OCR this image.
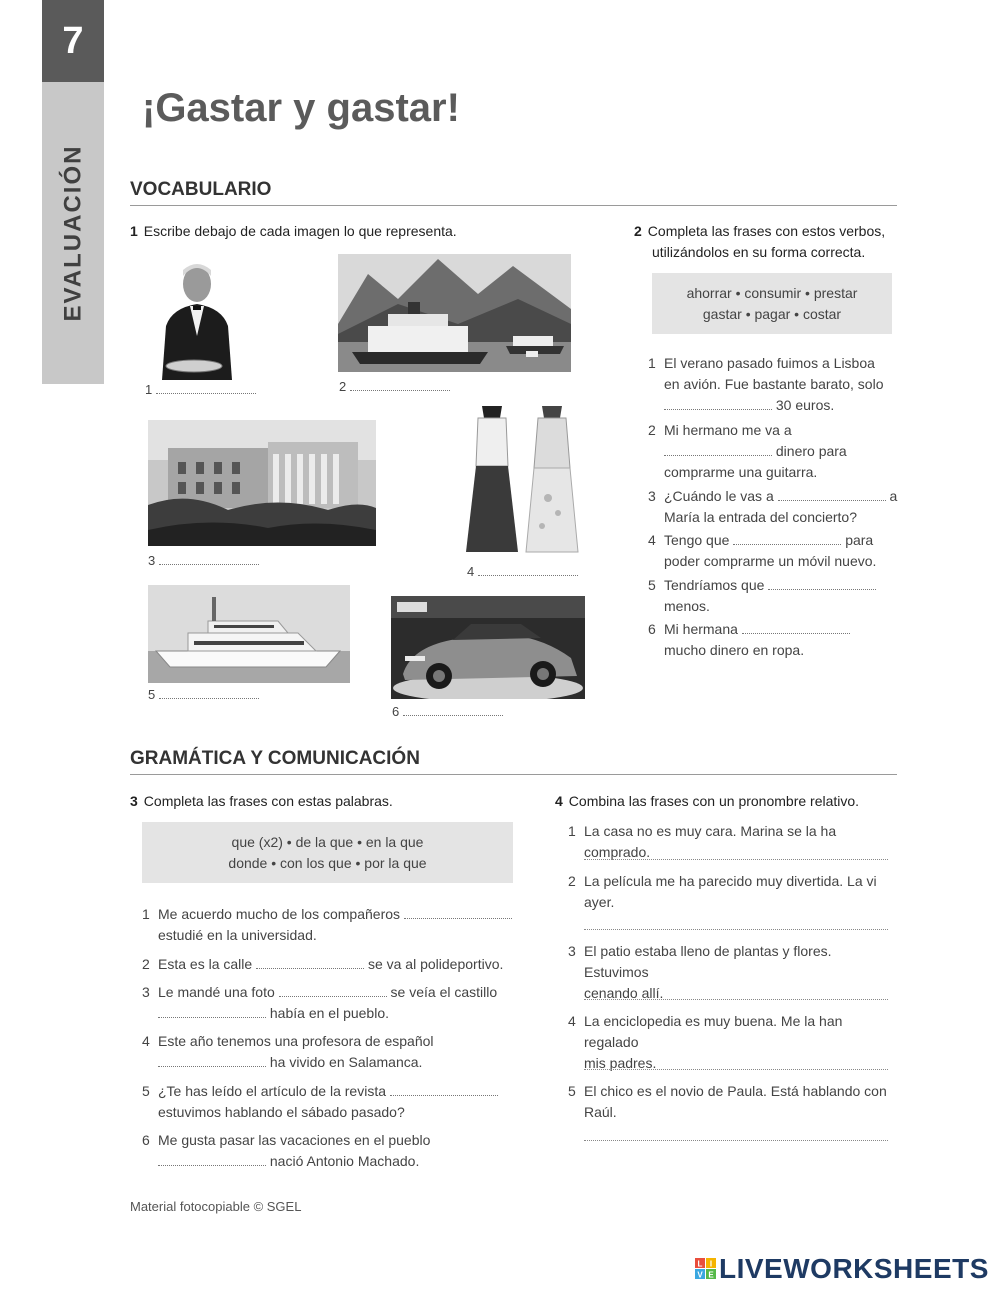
7
EVALUACIÓN
¡Gastar y gastar!
VOCABULARIO
1 Escribe debajo de cada imagen lo que representa.
1	2
3
4
5
6
2 Completa las frases con estos verbos,
utilizándolos en su forma correcta.
ahorrar • consumir • prestar
gastar • pagar • costar
1 El verano pasado fuimos a Lisboa
en avión. Fue bastante barato, solo
30 euros.
2 Mi hermano me va a
dinero para
comprarme una guitarra.
3 ¿Cuándo le vas a	a
María la entrada del concierto?
4 Tengo que	para
poder comprarme un móvil nuevo.
5 Tendríamos que
menos.
6 Mi hermana
mucho dinero en ropa.
GRAMÁTICA Y COMUNICACIÓN
3 Completa las frases con estas palabras.
que (x2) • de la que • en la que
donde • con los que • por la que
1 Me acuerdo mucho de los compañeros
estudié en la universidad.
2 Esta es la calle	se va al polideportivo.
3 Le mandé una foto	se veía el castillo
había en el pueblo.
4 Este año tenemos una profesora de español
ha vivido en Salamanca.
5 ¿Te has leído el artículo de la revista
estuvimos hablando el sábado pasado?
6 Me gusta pasar las vacaciones en el pueblo
nació Antonio Machado.
4 Combina las frases con un pronombre relativo.
1 La casa no es muy cara. Marina se la ha comprado.
2 La película me ha parecido muy divertida. La vi
ayer.
3 El patio estaba lleno de plantas y flores. Estuvimos
cenando allí.
4 La enciclopedia es muy buena. Me la han regalado
mis padres.
5 El chico es el novio de Paula. Está hablando con
Raúl.
Material fotocopiable © SGEL
L I
V E LIVEWORKSHEETS
